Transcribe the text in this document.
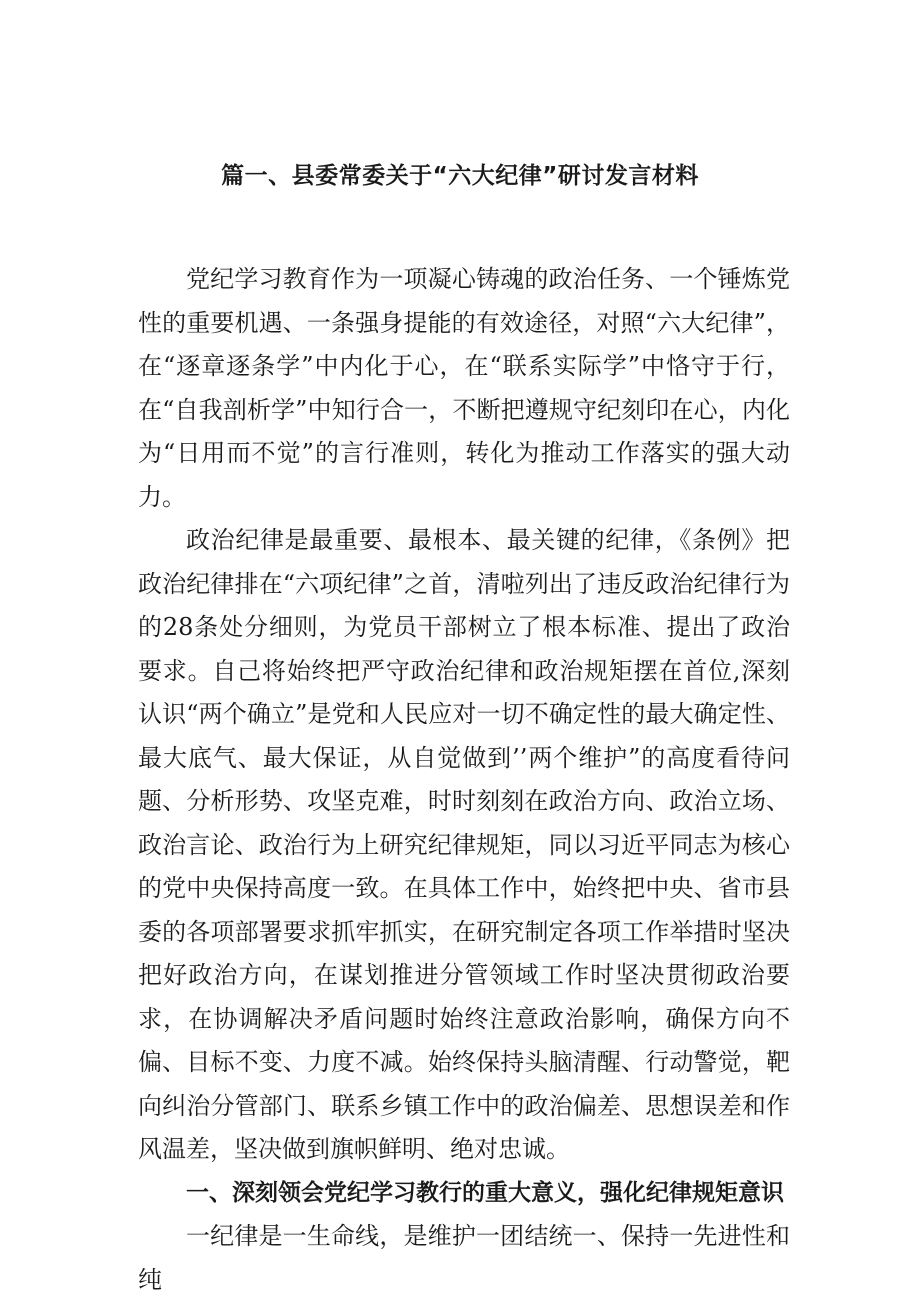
篇一、县委常委关于“六大纪律”研讨发言材料

党纪学习教育作为一项凝心铸魂的政治任务、一个锤炼党性的重要机遇、一条强身提能的有效途径，对照“六大纪律”，在“逐章逐条学”中内化于心，在“联系实际学”中恪守于行，在“自我剖析学”中知行合一，不断把遵规守纪刻印在心，内化为“日用而不觉”的言行准则，转化为推动工作落实的强大动力。

政治纪律是最重要、最根本、最关键的纪律，《条例》把政治纪律排在“六项纪律”之首，清啦列出了违反政治纪律行为的28条处分细则，为党员干部树立了根本标准、提出了政治要求。自己将始终把严守政治纪律和政治规矩摆在首位,深刻认识“两个确立”是党和人民应对一切不确定性的最大确定性、最大底气、最大保证，从自觉做到’’两个维护”的高度看待问题、分析形势、攻坚克难，时时刻刻在政治方向、政治立场、政治言论、政治行为上研究纪律规矩，同以习近平同志为核心的党中央保持高度一致。在具体工作中，始终把中央、省市县委的各项部署要求抓牢抓实，在研究制定各项工作举措时坚决把好政治方向，在谋划推进分管领域工作时坚决贯彻政治要求，在协调解决矛盾问题时始终注意政治影响，确保方向不偏、目标不变、力度不减。始终保持头脑清醒、行动警觉，靶向纠治分管部门、联系乡镇工作中的政治偏差、思想误差和作风温差，坚决做到旗帜鲜明、绝对忠诚。

一、深刻领会党纪学习教行的重大意义，强化纪律规矩意识

一纪律是一生命线，是维护一团结统一、保持一先进性和纯
